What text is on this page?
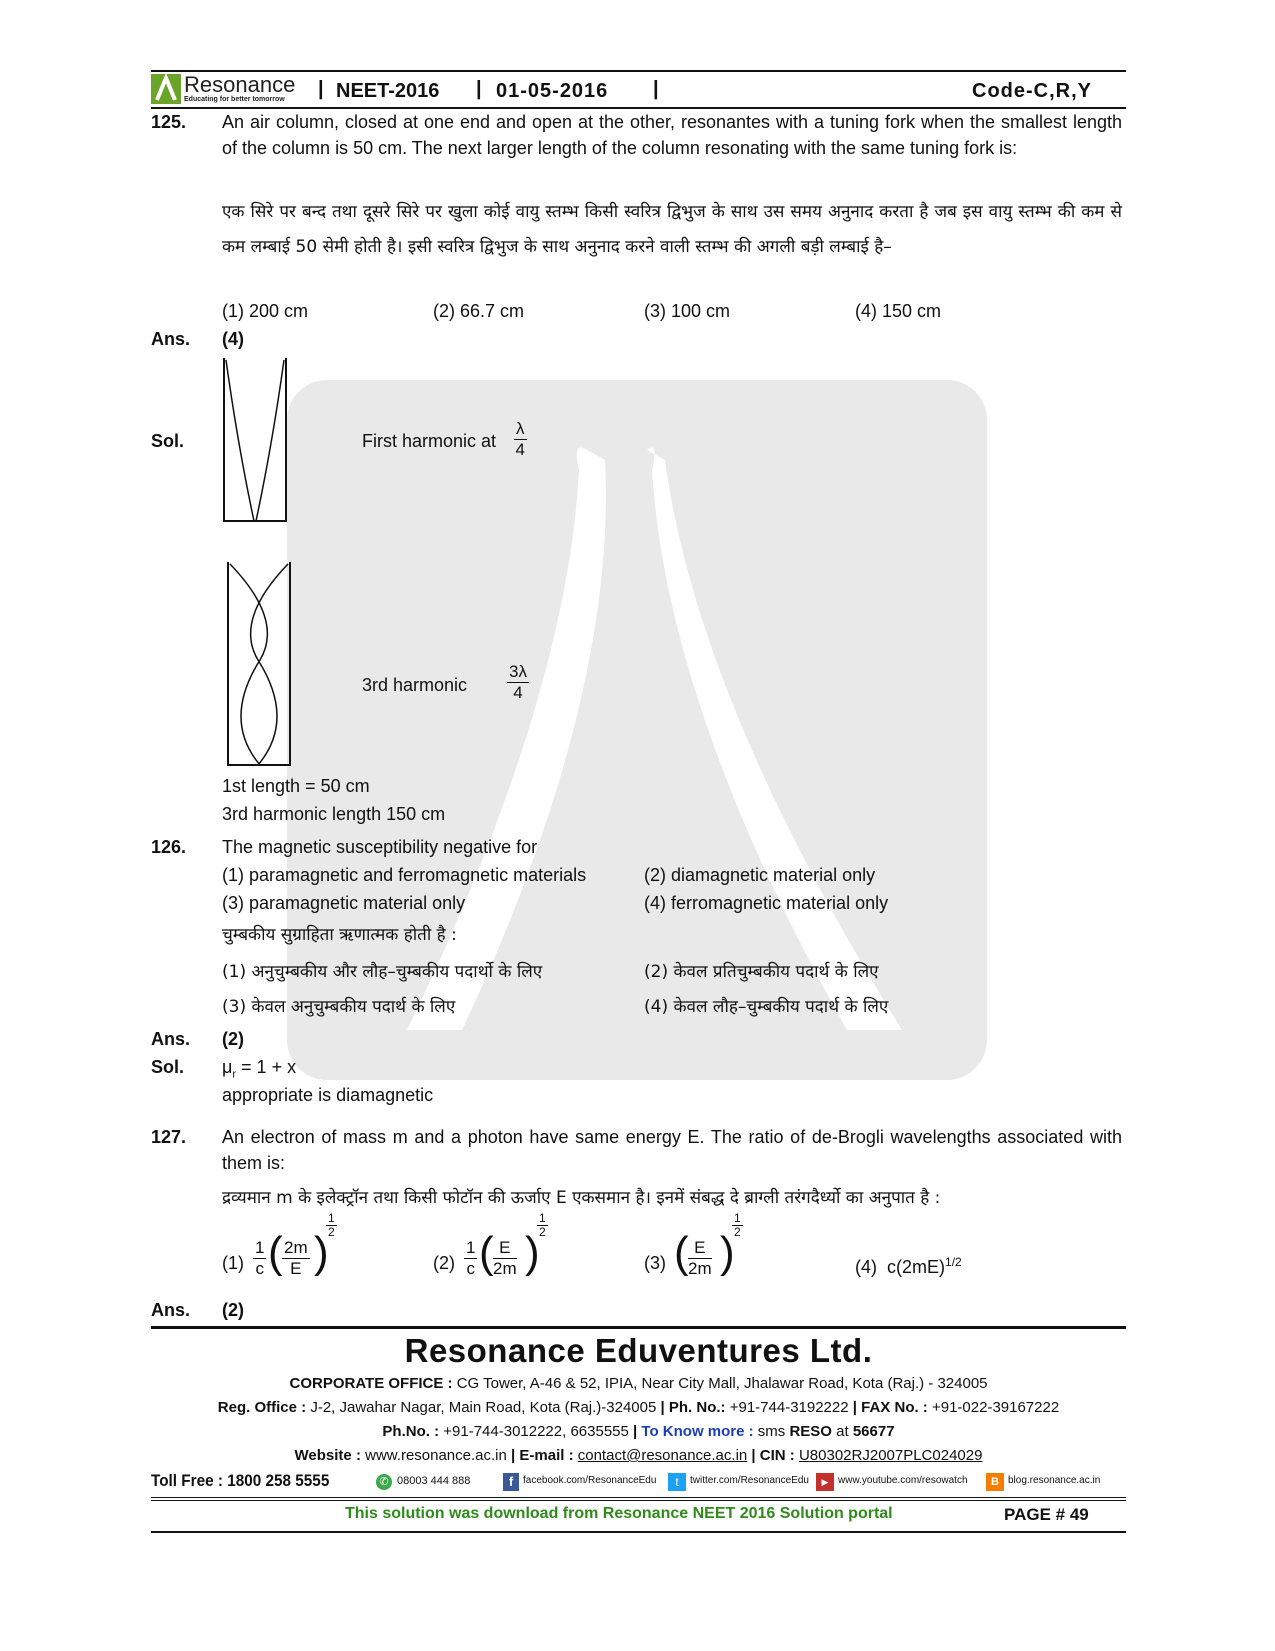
Resonance
Educating for better tomorrow | NEET-2016 | 01-05-2016 |	Code-C,R,Y
125. An air column, closed at one end and open at the other, resonantes with a tuning fork when the smallest length of the column is 50 cm. The next larger length of the column resonating with the same tuning fork is:
एक सिरे पर बन्द तथा दूसरे सिरे पर खुला कोई वायु स्तम्भ किसी स्वरित्र द्विभुज के साथ उस समय अनुनाद करता है जब इस वायु स्तम्भ की कम से कम लम्बाई 50 सेमी होती है। इसी स्वरित्र द्विभुज के साथ अनुनाद करने वाली स्तम्भ की अगली बड़ी लम्बाई है–
(1) 200 cm	(2) 66.7 cm	(3) 100 cm	(4) 150 cm
Ans. (4)
Sol.	First harmonic at $\frac{\lambda}{4}$
3rd harmonic $\frac{3\lambda}{4}$
1st length = 50 cm
3rd harmonic length 150 cm
126. The magnetic susceptibility negative for
(1) paramagnetic and ferromagnetic materials	(2) diamagnetic material only
(3) paramagnetic material only	(4) ferromagnetic material only
चुम्बकीय सुग्राहिता ऋणात्मक होती है :
(1) अनुचुम्बकीय और लौह–चुम्बकीय पदार्थो के लिए	(2) केवल प्रतिचुम्बकीय पदार्थ के लिए
(3) केवल अनुचुम्बकीय पदार्थ के लिए	(4) केवल लौह–चुम्बकीय पदार्थ के लिए
Ans. (2)
Sol. $\mu_r = 1 + x$
appropriate is diamagnetic
127. An electron of mass m and a photon have same energy E. The ratio of de-Brogli wavelengths associated with them is:
द्रव्यमान m के इलेक्ट्रॉन तथा किसी फोटॉन की ऊर्जाए E एकसमान है। इनमें संबद्ध दे ब्राग्ली तरंगदैर्ध्यो का अनुपात है :
$(1) \frac{1}{c}$ ( $\frac{2m}{E}$ )
$\frac{1}{2}$
$(2) \frac{1}{c}$ ( $\frac{E}{2m}$ )
$\frac{1}{2}$
(3) ( $\frac{E}{2m}$ )
$\frac{1}{2}$
(4) $c(2mE)^{1/2}$
Ans. (2)
Resonance Eduventures Ltd.
CORPORATE OFFICE : CG Tower, A-46 & 52, IPIA, Near City Mall, Jhalawar Road, Kota (Raj.) - 324005
Reg. Office : J-2, Jawahar Nagar, Main Road, Kota (Raj.)-324005 | Ph. No.: +91-744-3192222 | FAX No. : +91-022-39167222
Ph.No. : +91-744-3012222, 6635555 | To Know more : sms RESO at 56677
Website : www.resonance.ac.in | E-mail : contact@resonance.ac.in | CIN : U80302RJ2007PLC024029
Toll Free : 1800 258 5555	✆ 08003 444 888	f facebook.com/ResonanceEdu	t	twitter.com/ResonanceEdu	▶ www.youtube.com/resowatch	B blog.resonance.ac.in
This solution was download from Resonance NEET 2016 Solution portal	PAGE # 49
